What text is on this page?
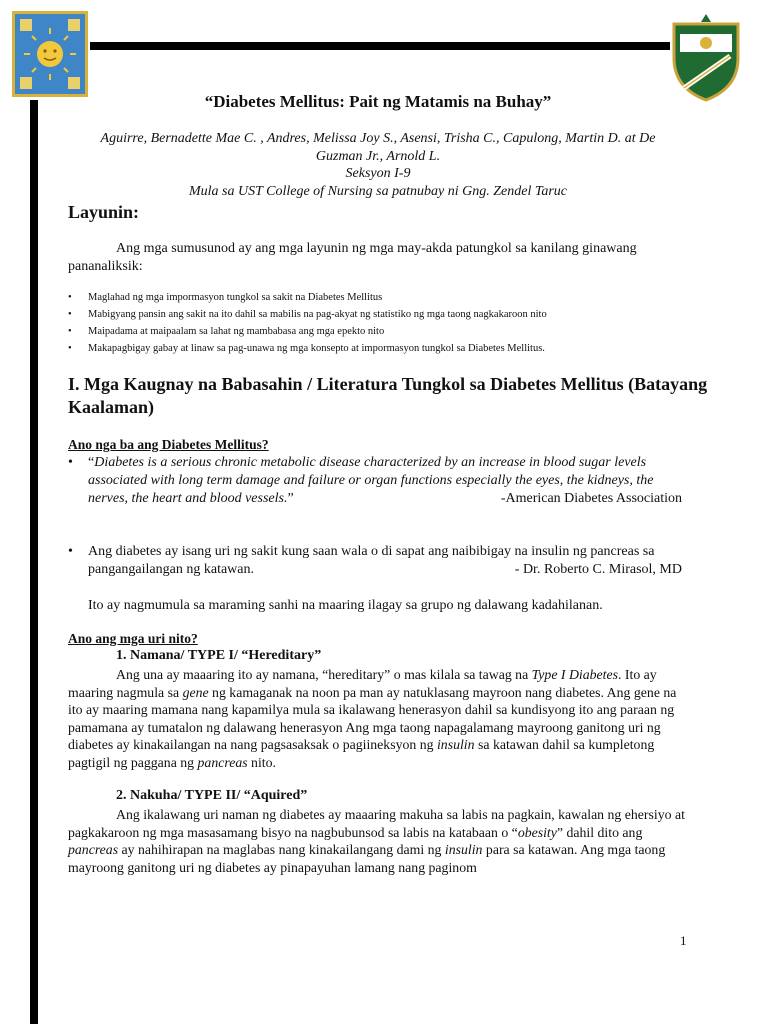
“Diabetes Mellitus: Pait ng Matamis na Buhay”
Aguirre, Bernadette Mae C. , Andres, Melissa Joy S., Asensi, Trisha C., Capulong, Martin D. at De
Guzman Jr., Arnold L.
Seksyon I-9
Mula sa UST College of Nursing sa patnubay ni Gng. Zendel Taruc
Layunin:
Ang mga sumusunod ay ang mga layunin ng mga may-akda patungkol sa kanilang ginawang pananaliksik:
• Maglahad ng mga impormasyon tungkol sa sakit na Diabetes Mellitus
• Mabigyang pansin ang sakit na ito dahil sa mabilis na pag-akyat ng statistiko ng mga taong nagkakaroon nito
• Maipadama at maipaalam sa lahat ng mambabasa ang mga epekto nito
• Makapagbigay gabay at linaw sa pag-unawa ng mga konsepto at impormasyon tungkol sa Diabetes Mellitus.
I. Mga Kaugnay na Babasahin / Literatura Tungkol sa Diabetes Mellitus (Batayang Kaalaman)
Ano nga ba ang Diabetes Mellitus?
• “Diabetes is a serious chronic metabolic disease characterized by an increase in blood sugar levels associated with long term damage and failure or organ functions especially the eyes, the kidneys, the nerves, the heart and blood vessels.”	-American Diabetes Association
• Ang diabetes ay isang uri ng sakit kung saan wala o di sapat ang naibibigay na insulin ng pancreas sa pangangailangan ng katawan.	- Dr. Roberto C. Mirasol, MD
Ito ay nagmumula sa maraming sanhi na maaring ilagay sa grupo ng dalawang kadahilanan.
Ano ang mga uri nito?
1. Namana/ TYPE I/ “Hereditary”
Ang una ay maaaring ito ay namana, “hereditary” o mas kilala sa tawag na Type I Diabetes. Ito ay maaring nagmula sa gene ng kamaganak na noon pa man ay natuklasang mayroon nang diabetes. Ang gene na ito ay maaring mamana nang kapamilya mula sa ikalawang henerasyon dahil sa kundisyong ito ang paraan ng pamamana ay tumatalon ng dalawang henerasyon Ang mga taong napagalamang mayroong ganitong uri ng diabetes ay kinakailangan na nang pagsasaksak o pagiineksyon ng insulin sa katawan dahil sa kumpletong pagtigil ng paggana ng pancreas nito.
2. Nakuha/ TYPE II/ “Aquired”
Ang ikalawang uri naman ng diabetes ay maaaring makuha sa labis na pagkain, kawalan ng ehersiyo at pagkakaroon ng mga masasamang bisyo na nagbubunsod sa labis na katabaan o “obesity” dahil dito ang pancreas ay nahihirapan na maglabas nang kinakailangang dami ng insulin para sa katawan. Ang mga taong mayroong ganitong uri ng diabetes ay pinapayuhan lamang nang paginom
1
